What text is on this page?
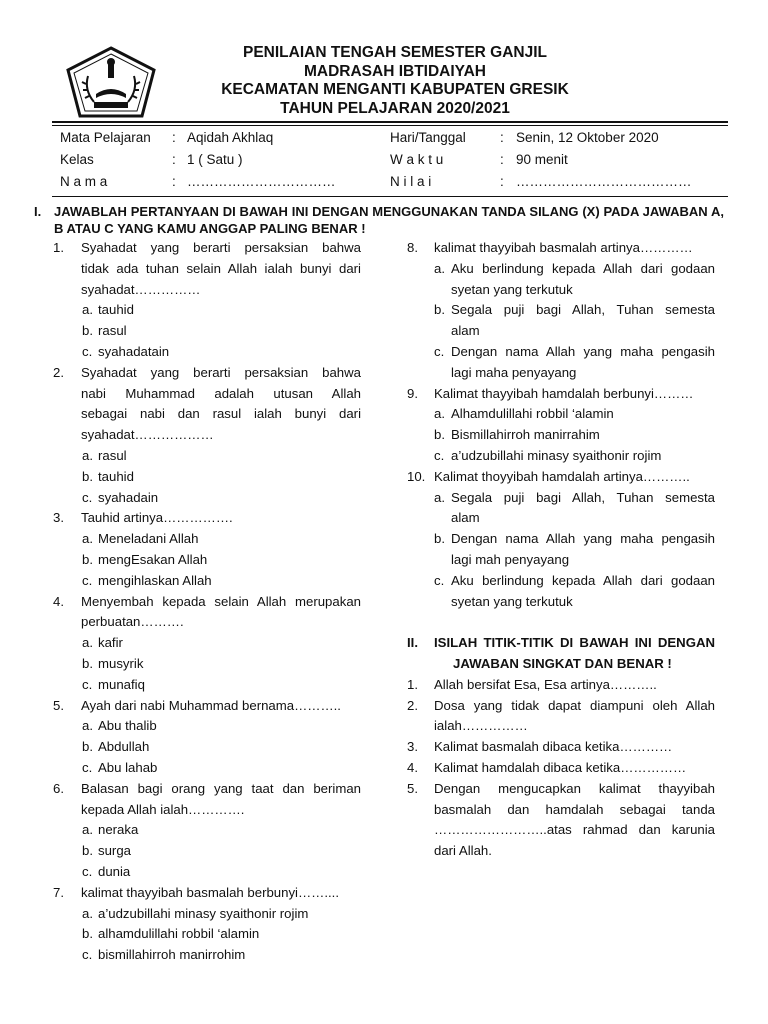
PENILAIAN TENGAH SEMESTER GANJIL
MADRASAH IBTIDAIYAH
KECAMATAN MENGANTI KABUPATEN GRESIK
TAHUN PELAJARAN 2020/2021
Mata Pelajaran
Kelas
N a m a
:
:
:
Aqidah Akhlaq
1 ( Satu )
……………………………
Hari/Tanggal
W a k t u
N i l a i
:
:
:
Senin, 12 Oktober 2020
90 menit
…………………………………
I. JAWABLAH PERTANYAAN DI BAWAH INI DENGAN MENGGUNAKAN TANDA SILANG (X) PADA JAWABAN A, B ATAU C YANG KAMU ANGGAP PALING BENAR !
1. Syahadat yang berarti persaksian bahwa
tidak ada tuhan selain Allah ialah bunyi dari
syahadat……………
a. tauhid
b. rasul
c. syahadatain
2. Syahadat yang berarti persaksian bahwa
nabi Muhammad adalah utusan Allah
sebagai nabi dan rasul ialah bunyi dari
syahadat………………
a. rasul
b. tauhid
c. syahadain
3. Tauhid artinya…………….
a. Meneladani Allah
b. mengEsakan Allah
c. mengihlaskan Allah
4. Menyembah kepada selain Allah merupakan
perbuatan……….
a. kafir
b. musyrik
c. munafiq
5. Ayah dari nabi Muhammad bernama………..
a. Abu thalib
b. Abdullah
c. Abu lahab
6. Balasan bagi orang yang taat dan beriman
kepada Allah ialah………….
a. neraka
b. surga
c. dunia
7. kalimat thayyibah basmalah berbunyi……....
a. a’udzubillahi minasy syaithonir rojim
b. alhamdulillahi robbil ‘alamin
c. bismillahirroh manirrohim
8. kalimat thayyibah basmalah artinya…………
a. Aku berlindung kepada Allah dari godaan
syetan yang terkutuk
b. Segala puji bagi Allah, Tuhan semesta
alam
c. Dengan nama Allah yang maha pengasih
lagi maha penyayang
9. Kalimat thayyibah hamdalah berbunyi………
a. Alhamdulillahi robbil ‘alamin
b. Bismillahirroh manirrahim
c. a’udzubillahi minasy syaithonir rojim
10. Kalimat thoyyibah hamdalah artinya………..
a. Segala puji bagi Allah, Tuhan semesta
alam
b. Dengan nama Allah yang maha pengasih
lagi mah penyayang
c. Aku berlindung kepada Allah dari godaan
syetan yang terkutuk
II. ISILAH TITIK-TITIK DI BAWAH INI DENGAN
JAWABAN SINGKAT DAN BENAR !
1. Allah bersifat Esa, Esa artinya………..
2. Dosa yang tidak dapat diampuni oleh Allah
ialah……………
3. Kalimat basmalah dibaca ketika…………
4. Kalimat hamdalah dibaca ketika……………
5. Dengan mengucapkan kalimat thayyibah
basmalah dan hamdalah sebagai tanda
……………………..atas rahmad dan karunia
dari Allah.
